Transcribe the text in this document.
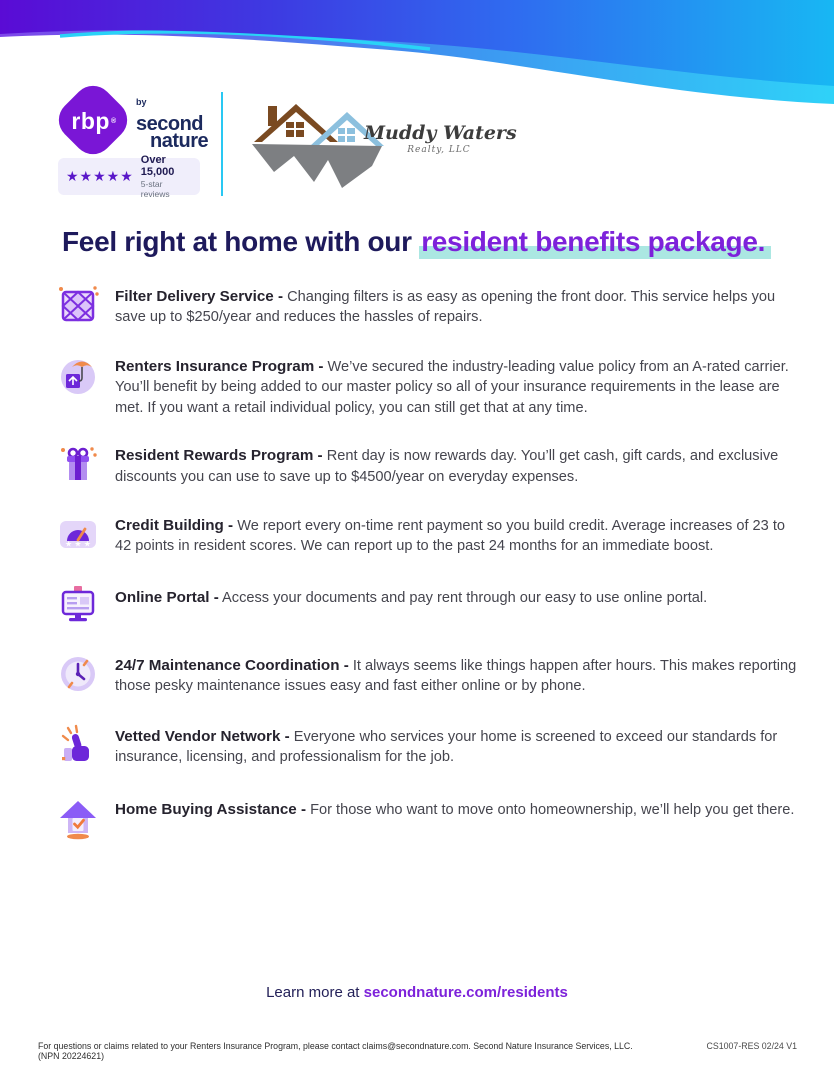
rbp ®
$^{by}$second
nature
★★★★★
Over 15,000
5-star reviews
Muddy Waters
Realty, LLC
Feel right at home with our resident benefits package.

Filter Delivery Service - Changing filters is as easy as opening the front door. This service helps you save up to $250/year and reduces the hassles of repairs.

Renters Insurance Program - We’ve secured the industry-leading value policy from an A-rated carrier. You’ll benefit by being added to our master policy so all of your insurance requirements in the lease are met. If you want a retail individual policy, you can still get that at any time.

Resident Rewards Program - Rent day is now rewards day. You’ll get cash, gift cards, and exclusive discounts you can use to save up to $4500/year on everyday expenses.

★ ★ ★

Credit Building - We report every on-time rent payment so you build credit. Average increases of 23 to 42 points in resident scores. We can report up to the past 24 months for an immediate boost.

Online Portal - Access your documents and pay rent through our easy to use online portal.

24/7 Maintenance Coordination - It always seems like things happen after hours. This makes reporting those pesky maintenance issues easy and fast either online or by phone.

Vetted Vendor Network - Everyone who services your home is screened to exceed our standards for insurance, licensing, and professionalism for the job.

Home Buying Assistance - For those who want to move onto homeownership, we’ll help you get there.

Learn more at secondnature.com/residents
For questions or claims related to your Renters Insurance Program, please contact claims@secondnature.com. Second Nature Insurance Services, LLC. (NPN 20224621)
CS1007-RES 02/24 V1
